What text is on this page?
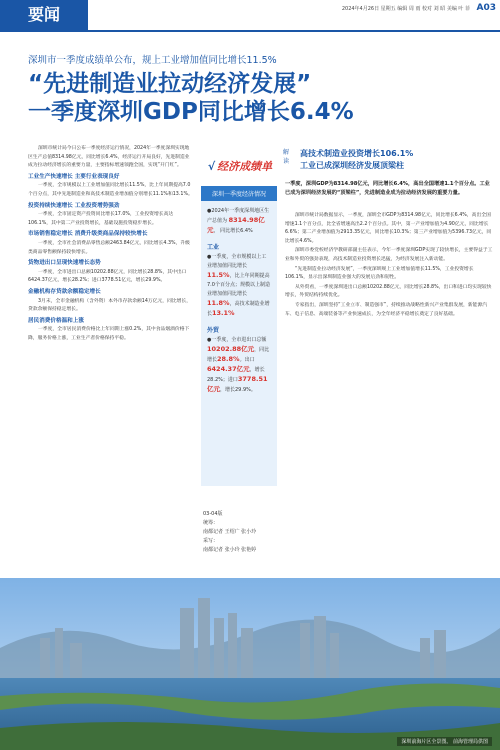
要闻	2024年4月26日 星期五 编辑 周 雨 校对 刘 昭 美编 叶 菲 A03
深圳市一季度成绩单公布，规上工业增加值同比增长11.5%
“先进制造业拉动经济发展”
一季度深圳GDP同比增长6.4%

深圳市统计局今日公布一季度经济运行情况，2024年一季度深圳实现地区生产总值8314.98亿元，同比增长6.4%，经济运行开局良好，先进制造业成为拉动经济增长的重要力量，主要指标增速领跑全国，实现“开门红”。

工业生产快速增长 主要行业表现良好

一季度，全市规模以上工业增加值同比增长11.5%，比上年同期提高7.0个百分点，其中先进制造业和高技术制造业增加值分别增长11.1%和13.1%。

投资持续快速增长 工业投资增势强劲

一季度，全市固定资产投资同比增长17.0%，工业投资增长高达106.1%，其中第二产业投资增长，基础设施投资稳步增长。

市场销售稳定增长 消费升级类商品保持较快增长

一季度，全市社会消费品零售总额2463.84亿元，同比增长4.3%，升级类商品零售额保持较快增长。

货物进出口呈现快速增长态势

一季度，全市进出口总额10202.88亿元，同比增长28.8%，其中出口6424.37亿元，增长28.2%；进口3778.51亿元，增长29.9%。

金融机构存贷款余额稳定增长

3月末，全市金融机构（含外资）本外币存款余额14万亿元，同比增长，贷款余额保持稳定增长。

居民消费价格温和上涨

一季度，全市居民消费价格比上年同期上涨0.2%，其中食品烟酒价格下降，服务价格上涨，工业生产者价格保持平稳。

√ 经济成绩单
深圳一季度经济情况
●2024年一季度深圳地区生产总值为 8314.98亿元， 同比增长6.4%
工业
●一季度，全市规模以上工业增加值同比增长11.5%，比上年同期提高7.0个百分点；规模以上制造业增加值同比增长11.8%，高技术制造业增长13.1%
外贸
●一季度，全市进出口总额10202.88亿元，同比增长28.8%。出口6424.37亿元，增长28.2%；进口3778.51亿元，增长29.9%。
03-04版
统筹：
南都记者 王绍广 张小玲
采写：
南都记者 张小玲 张艳婷
解读
高技术制造业投资增长106.1%
工业已成深圳经济发展顶梁柱
一季度，深圳GDP为8314.98亿元，同比增长6.4%，高出全国增速1.1个百分点。工业已成为深圳经济发展的“顶梁柱”，先进制造业成为拉动经济发展的重要力量。

深圳市统计局数据显示，一季度，深圳全市GDP为8314.98亿元，同比增长6.4%，高出全国增速1.1个百分点，比全省增速高出2.2个百分点。其中，第一产业增加值为4.90亿元，同比增长6.6%；第二产业增加值为2913.35亿元，同比增长10.3%；第三产业增加值为5396.73亿元，同比增长4.6%。

深圳市委党校经济学教研部副主任表示，今年一季度深圳GDP实现了较快增长，主要得益于工业和外贸的强劲表现，高技术制造业投资增长迅猛，为经济发展注入新动能。

“先进制造业拉动经济发展”，一季度深圳规上工业增加值增长11.5%，工业投资增长106.1%，显示出深圳制造业强大的发展后劲和韧性。

从外贸看，一季度深圳进出口总额10202.88亿元，同比增长28.8%，出口和进口均实现较快增长，外贸结构持续优化。

专家指出，深圳坚持“工业立市、制造强市”，持续推动战略性新兴产业集群发展，新能源汽车、电子信息、高端装备等产业快速成长，为全年经济平稳增长奠定了良好基础。

深圳前海片区全景图。 前海管理局供图
